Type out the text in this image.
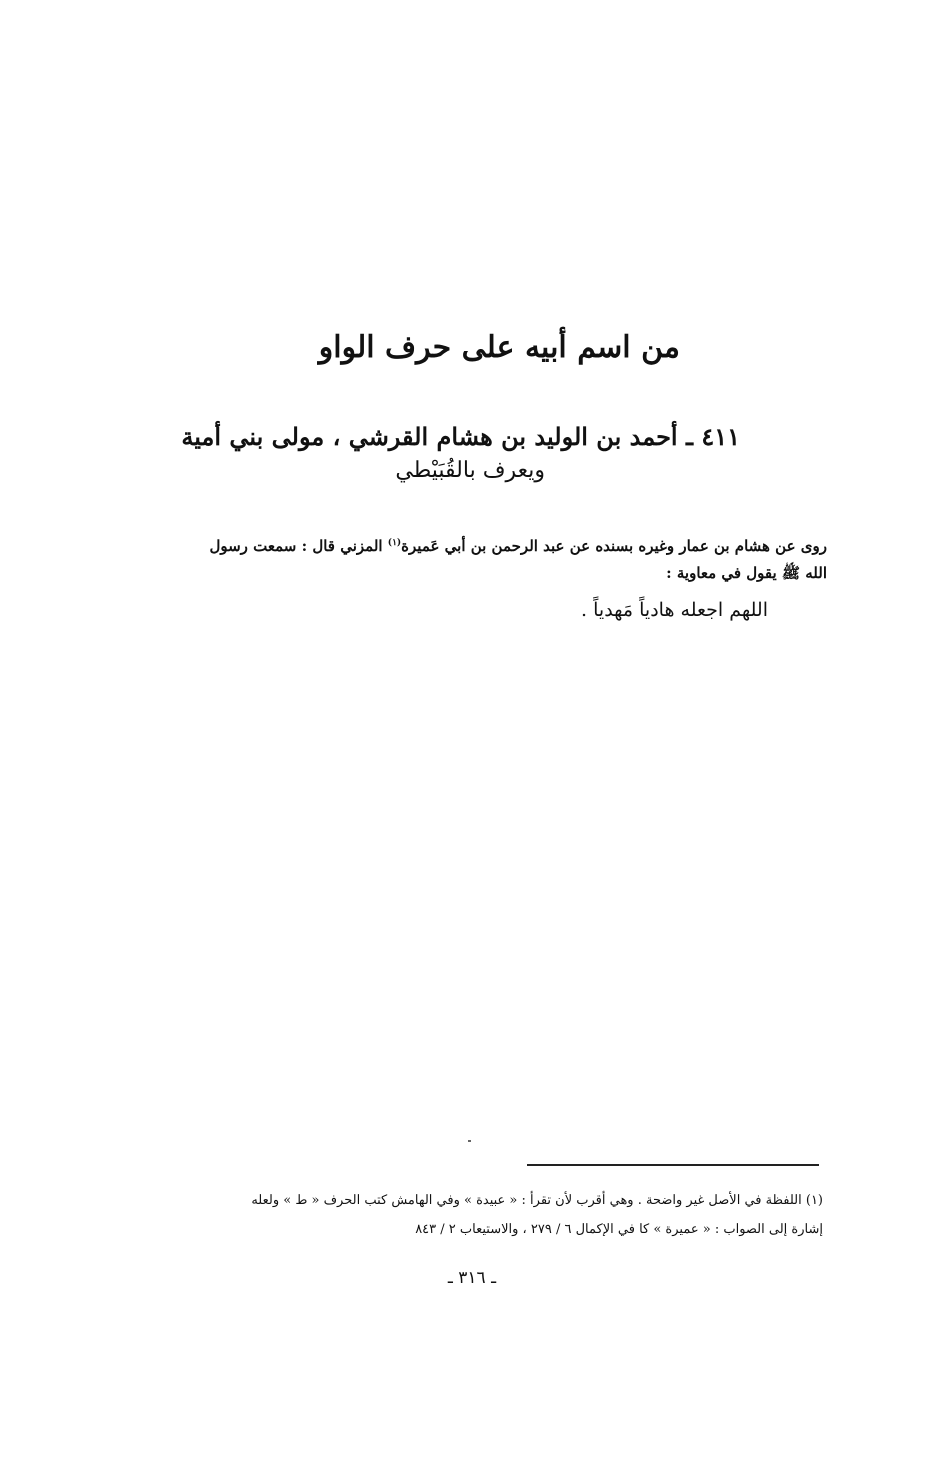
من اسم أبيه على حرف الواو
٤١١ ـ أحمد بن الوليد بن هشام القرشي ، مولى بني أمية
ويعرف بالقُبَيْطي
روى عن هشام بن عمار وغيره بسنده عن عبد الرحمن بن أبي عَميرة$^{(١)}$ المزني قال : سمعت رسول
الله ﷺ يقول في معاوية :
اللهم اجعله هادياً مَهدياً .
(١) اللفظة في الأصل غير واضحة . وهي أقرب لأن تقرأ : « عبيدة » وفي الهامش كتب الحرف « ط » ولعله
إشارة إلى الصواب : « عميرة » كا في الإكمال ٦ / ٢٧٩ ، والاستيعاب ٢ / ٨٤٣
ـ ٣١٦ ـ
